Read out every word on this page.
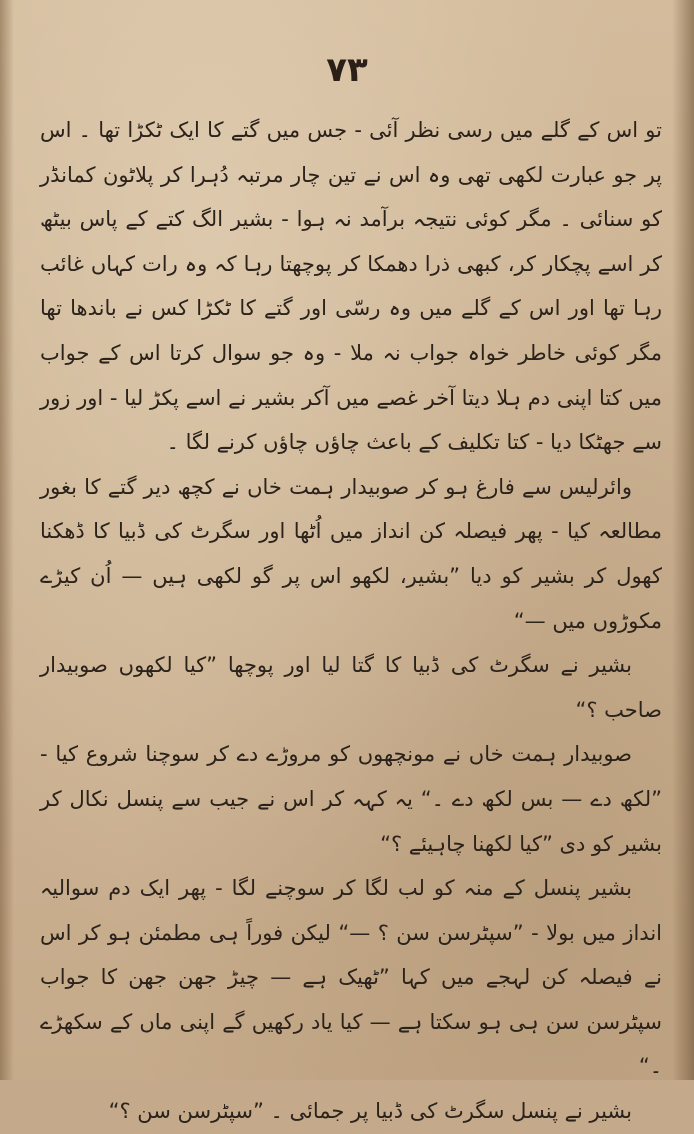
۷۳

تو اس کے گلے میں رسی نظر آئی - جس میں گتے کا ایک ٹکڑا تھا ۔ اس پر جو عبارت لکھی تھی وہ اس نے تین چار مرتبہ دُہرا کر پلاٹون کمانڈر کو سنائی ۔ مگر کوئی نتیجہ برآمد نہ ہوا - بشیر الگ کتے کے پاس بیٹھ کر اسے پچکار کر، کبھی ذرا دھمکا کر پوچھتا رہا کہ وہ رات کہاں غائب رہا تھا اور اس کے گلے میں وہ رسّی اور گتے کا ٹکڑا کس نے باندھا تھا مگر کوئی خاطر خواہ جواب نہ ملا - وہ جو سوال کرتا اس کے جواب میں کتا اپنی دم ہلا دیتا آخر غصے میں آکر بشیر نے اسے پکڑ لیا - اور زور سے جھٹکا دیا - کتا تکلیف کے باعث چاؤں چاؤں کرنے لگا ۔

وائرلیس سے فارغ ہو کر صوبیدار ہمت خاں نے کچھ دیر گتے کا بغور مطالعہ کیا - پھر فیصلہ کن انداز میں اُٹھا اور سگرٹ کی ڈبیا کا ڈھکنا کھول کر بشیر کو دیا ”بشیر، لکھو اس پر گو لکھی ہیں — اُن کیڑے مکوڑوں میں —“

بشیر نے سگرٹ کی ڈبیا کا گتا لیا اور پوچھا ”کیا لکھوں صوبیدار صاحب ؟“

صوبیدار ہمت خاں نے مونچھوں کو مروڑے دے کر سوچنا شروع کیا - ”لکھ دے — بس لکھ دے ۔“ یہ کہہ کر اس نے جیب سے پنسل نکال کر بشیر کو دی ”کیا لکھنا چاہیئے ؟“

بشیر پنسل کے منہ کو لب لگا کر سوچنے لگا - پھر ایک دم سوالیہ انداز میں بولا - ”سپٹرسن سن ؟ —“ لیکن فوراً ہی مطمئن ہو کر اس نے فیصلہ کن لہجے میں کہا ”ٹھیک ہے — چیڑ جھن جھن کا جواب سپٹرسن سن ہی ہو سکتا ہے — کیا یاد رکھیں گے اپنی ماں کے سکھڑے ۔“

بشیر نے پنسل سگرٹ کی ڈبیا پر جمائی ۔ ”سپٹرسن سن ؟“
